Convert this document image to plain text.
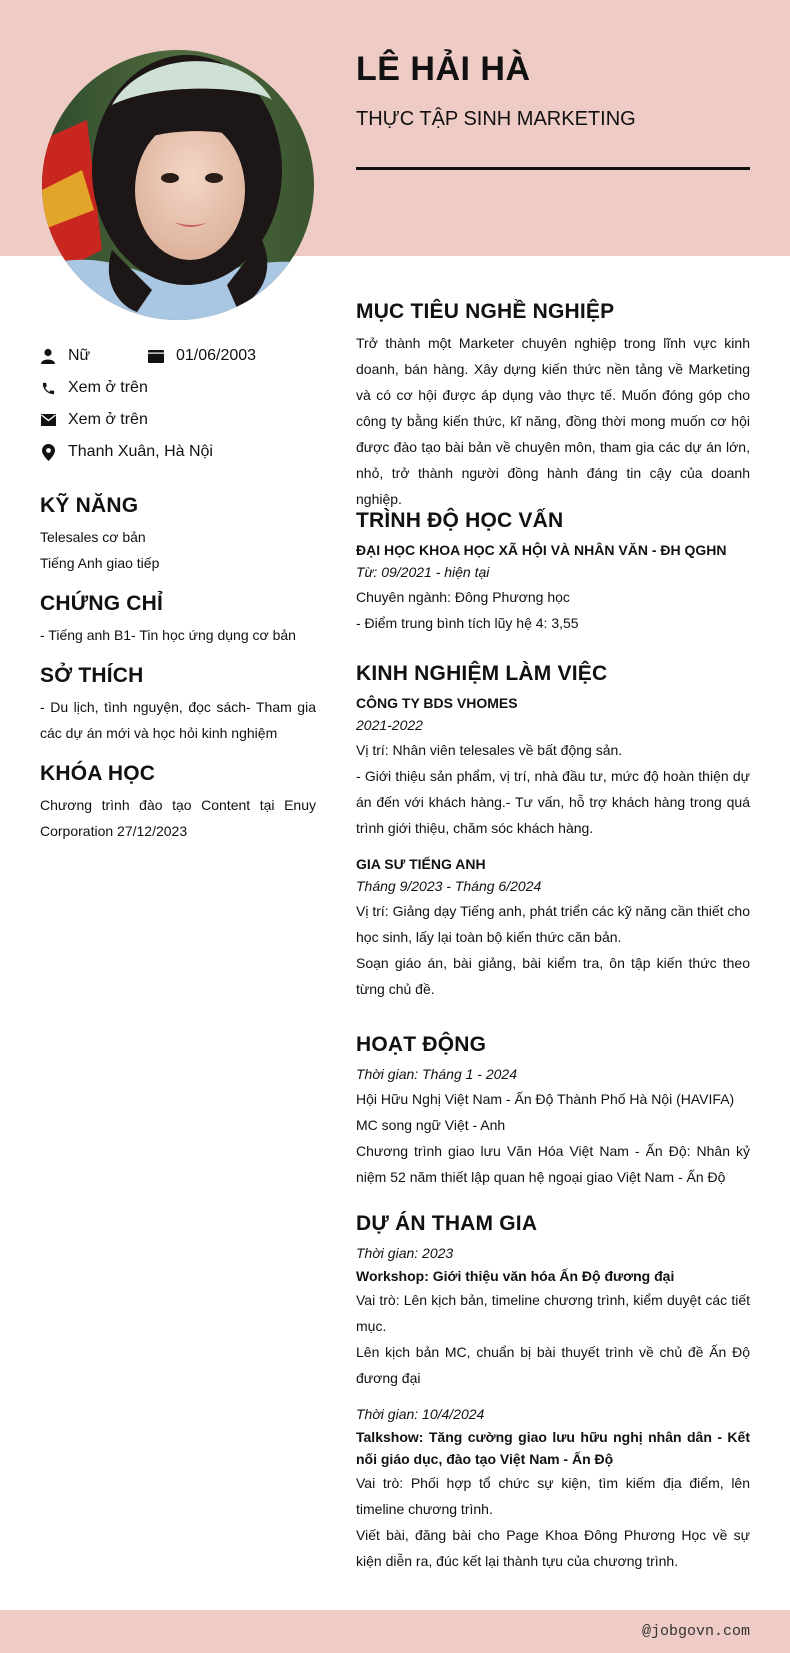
LÊ HẢI HÀ
THỰC TẬP SINH MARKETING
Nữ	01/06/2003
Xem ở trên
Xem ở trên
Thanh Xuân, Hà Nội
KỸ NĂNG
Telesales cơ bản
Tiếng Anh giao tiếp
CHỨNG CHỈ
- Tiếng anh B1- Tin học ứng dụng cơ bản
SỞ THÍCH
- Du lịch, tình nguyện, đọc sách- Tham gia các dự án mới và học hỏi kinh nghiệm
KHÓA HỌC
Chương trình đào tạo Content tại Enuy Corporation 27/12/2023
MỤC TIÊU NGHỀ NGHIỆP
Trở thành một Marketer chuyên nghiệp trong lĩnh vực kinh doanh, bán hàng. Xây dựng kiến thức nền tảng về Marketing và có cơ hội được áp dụng vào thực tế. Muốn đóng góp cho công ty bằng kiến thức, kĩ năng, đồng thời mong muốn cơ hội được đào tạo bài bản về chuyên môn, tham gia các dự án lớn, nhỏ, trở thành người đồng hành đáng tin cậy của doanh nghiệp.
TRÌNH ĐỘ HỌC VẤN
ĐẠI HỌC KHOA HỌC XÃ HỘI VÀ NHÂN VĂN - ĐH QGHN
Từ: 09/2021 - hiện tại
Chuyên ngành: Đông Phương học
- Điểm trung bình tích lũy hệ 4: 3,55
KINH NGHIỆM LÀM VIỆC
CÔNG TY BDS VHOMES
2021-2022
Vị trí: Nhân viên telesales về bất động sản.
- Giới thiệu sản phẩm, vị trí, nhà đầu tư, mức độ hoàn thiện dự án đến với khách hàng.- Tư vấn, hỗ trợ khách hàng trong quá trình giới thiệu, chăm sóc khách hàng.
GIA SƯ TIẾNG ANH
Tháng 9/2023 - Tháng 6/2024
Vị trí: Giảng dạy Tiếng anh, phát triển các kỹ năng cần thiết cho học sinh, lấy lại toàn bộ kiến thức căn bản.
Soạn giáo án, bài giảng, bài kiểm tra, ôn tập kiến thức theo từng chủ đề.
HOẠT ĐỘNG
Thời gian: Tháng 1 - 2024
Hội Hữu Nghị Việt Nam - Ấn Độ Thành Phố Hà Nội (HAVIFA)
MC song ngữ Việt - Anh
Chương trình giao lưu Văn Hóa Việt Nam - Ấn Độ: Nhân kỷ niệm 52 năm thiết lập quan hệ ngoại giao Việt Nam - Ấn Độ
DỰ ÁN THAM GIA
Thời gian: 2023
Workshop: Giới thiệu văn hóa Ấn Độ đương đại
Vai trò: Lên kịch bản, timeline chương trình, kiểm duyệt các tiết mục.
Lên kịch bản MC, chuẩn bị bài thuyết trình về chủ đề Ấn Độ đương đại
Thời gian: 10/4/2024
Talkshow: Tăng cường giao lưu hữu nghị nhân dân - Kết nối giáo dục, đào tạo Việt Nam - Ấn Độ
Vai trò: Phối hợp tổ chức sự kiện, tìm kiếm địa điểm, lên timeline chương trình.
Viết bài, đăng bài cho Page Khoa Đông Phương Học về sự kiện diễn ra, đúc kết lại thành tựu của chương trình.
@jobgovn.com
